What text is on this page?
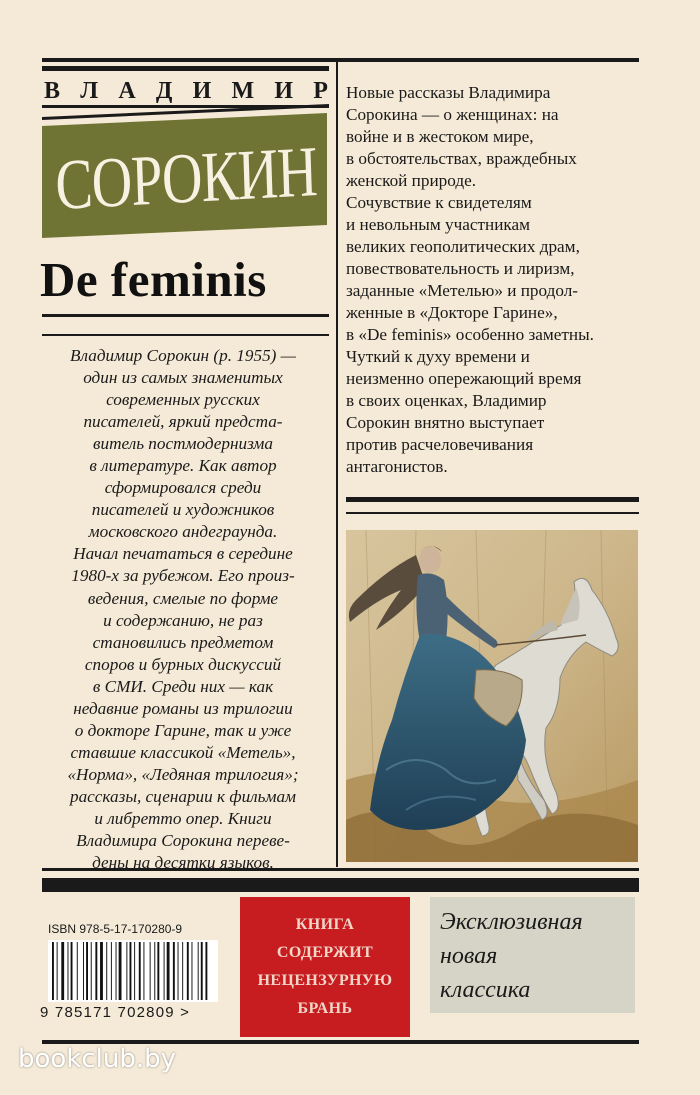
В Л А Д И М И Р
СОРОКИН
De feminis
Владимир Сорокин (р. 1955) —
один из самых знаменитых
современных русских
писателей, яркий предста-
витель постмодернизма
в литературе. Как автор
сформировался среди
писателей и художников
московского андеграунда.
Начал печататься в середине
1980-х за рубежом. Его произ-
ведения, смелые по форме
и содержанию, не раз
становились предметом
споров и бурных дискуссий
в СМИ. Среди них — как
недавние романы из трилогии
о докторе Гарине, так и уже
ставшие классикой «Метель»,
«Норма», «Ледяная трилогия»;
рассказы, сценарии к фильмам
и либретто опер. Книги
Владимира Сорокина переве-
дены на десятки языков.
Новые рассказы Владимира
Сорокина — о женщинах: на
войне и в жестоком мире,
в обстоятельствах, враждебных
женской природе.
Сочувствие к свидетелям
и невольным участникам
великих геополитических драм,
повествовательность и лиризм,
заданные «Метелью» и продол-
женные в «Докторе Гарине»,
в «De feminis» особенно заметны.
Чуткий к духу времени и
неизменно опережающий время
в своих оценках, Владимир
Сорокин внятно выступает
против расчеловечивания
антагонистов.
ISBN 978-5-17-170280-9
9 785171 702809 >
КНИГА
СОДЕРЖИТ
НЕЦЕНЗУРНУЮ
БРАНЬ
Эксклюзивная
новая
классика
bookclub.by
